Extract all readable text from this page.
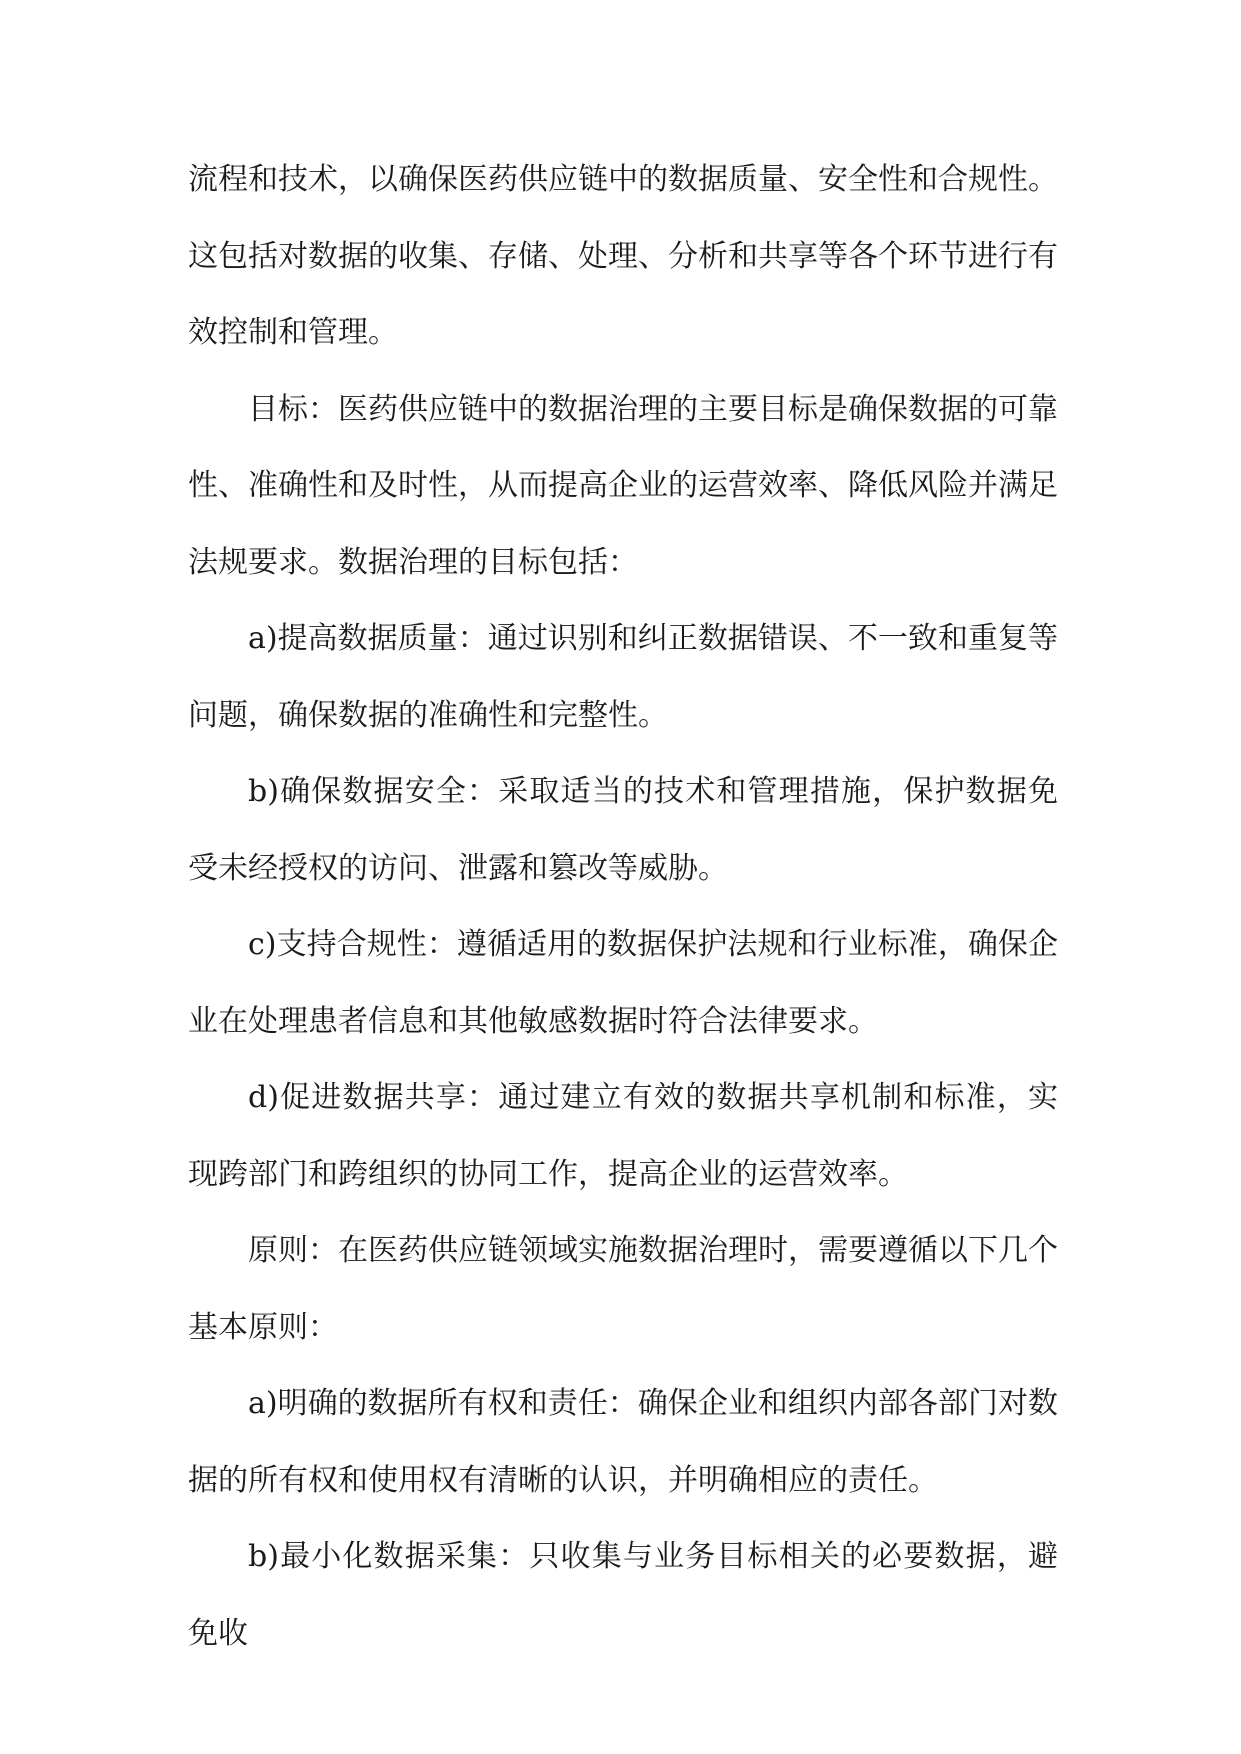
流程和技术，以确保医药供应链中的数据质量、安全性和合规性。这包括对数据的收集、存储、处理、分析和共享等各个环节进行有效控制和管理。

目标：医药供应链中的数据治理的主要目标是确保数据的可靠性、准确性和及时性，从而提高企业的运营效率、降低风险并满足法规要求。数据治理的目标包括：

a)提高数据质量：通过识别和纠正数据错误、不一致和重复等问题，确保数据的准确性和完整性。

b)确保数据安全：采取适当的技术和管理措施，保护数据免受未经授权的访问、泄露和篡改等威胁。

c)支持合规性：遵循适用的数据保护法规和行业标准，确保企业在处理患者信息和其他敏感数据时符合法律要求。

d)促进数据共享：通过建立有效的数据共享机制和标准，实现跨部门和跨组织的协同工作，提高企业的运营效率。

原则：在医药供应链领域实施数据治理时，需要遵循以下几个基本原则：

a)明确的数据所有权和责任：确保企业和组织内部各部门对数据的所有权和使用权有清晰的认识，并明确相应的责任。

b)最小化数据采集：只收集与业务目标相关的必要数据，避免收
